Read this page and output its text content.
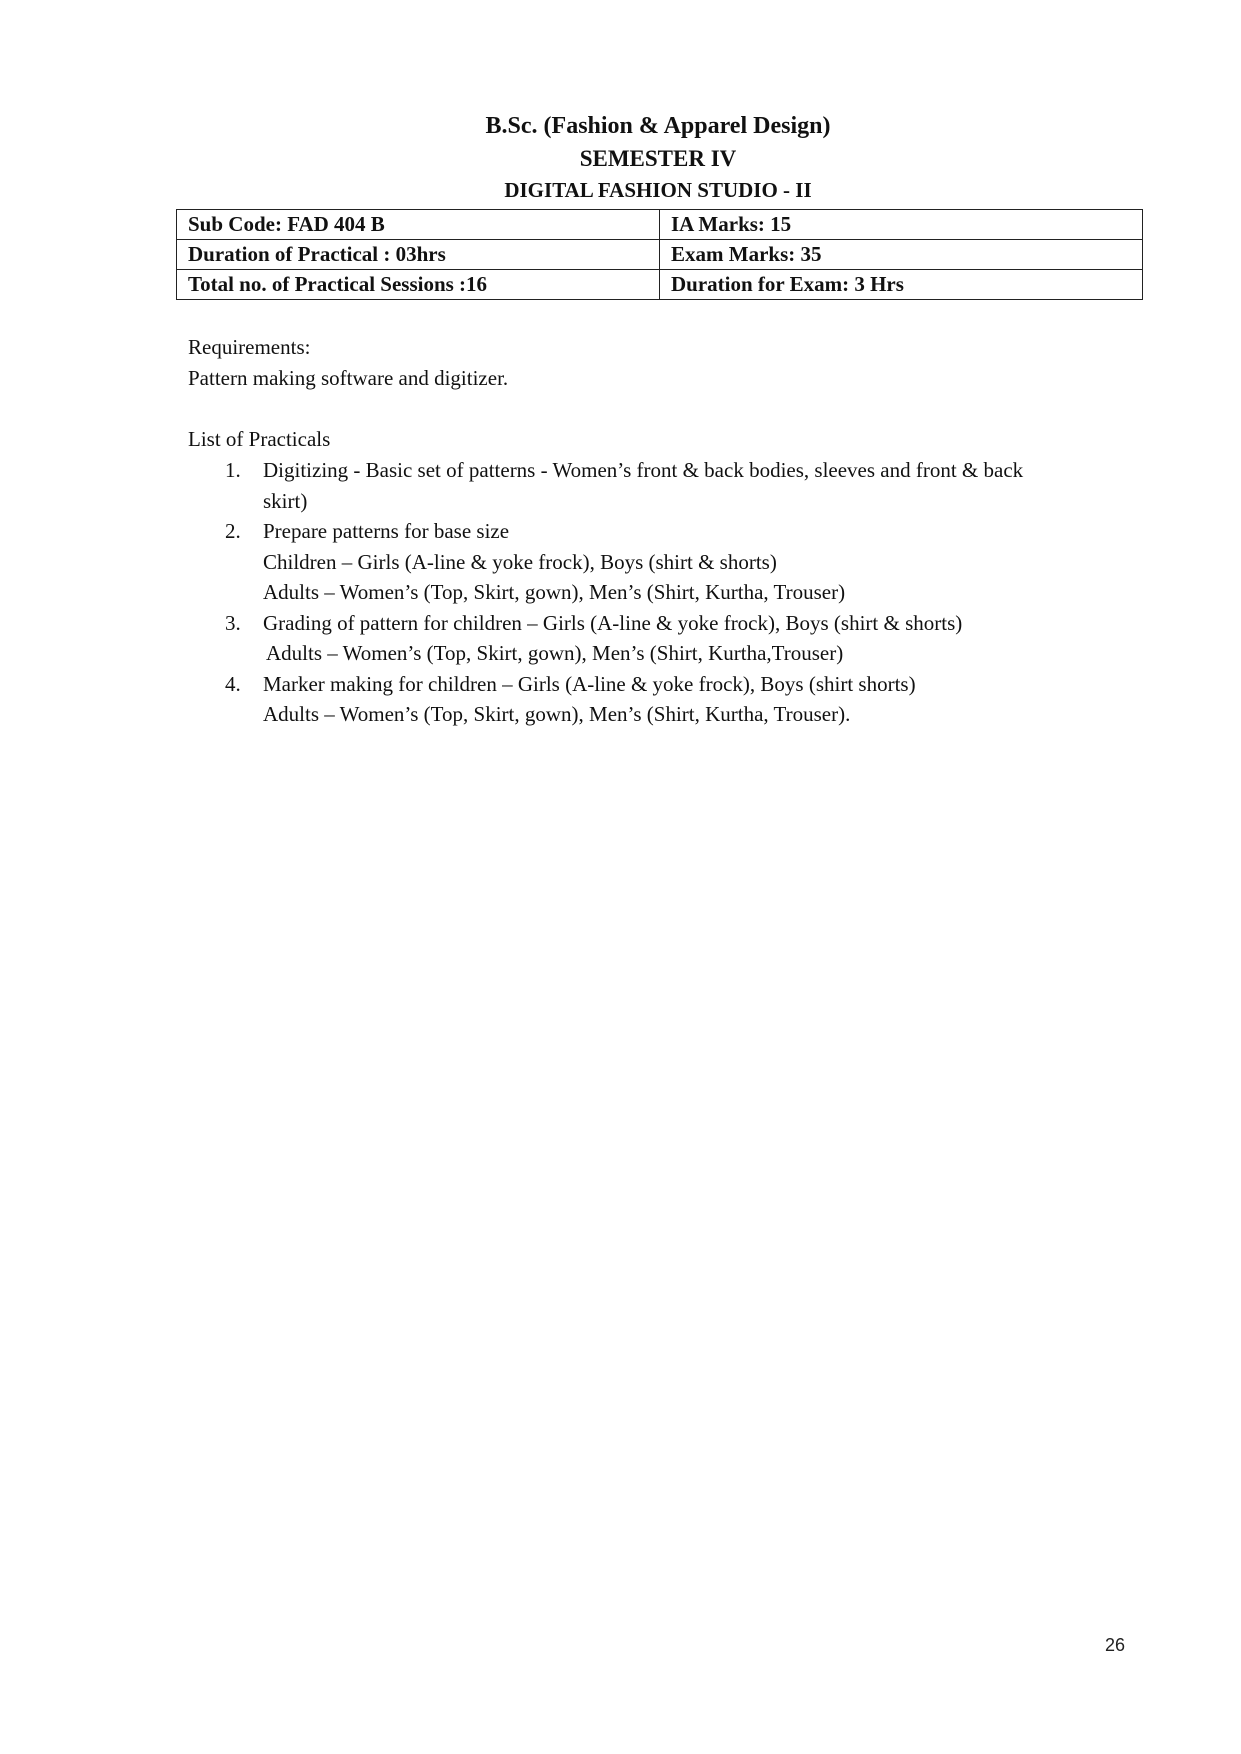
B.Sc. (Fashion & Apparel Design)
SEMESTER IV
DIGITAL FASHION STUDIO - II
Sub Code: FAD 404 B	IA Marks: 15
Duration of Practical : 03hrs	Exam Marks: 35
Total no. of Practical Sessions :16	Duration for Exam: 3 Hrs
Requirements:
Pattern making software and digitizer.
List of Practicals
1. Digitizing - Basic set of patterns - Women’s front & back bodies, sleeves and front & back
skirt)
2. Prepare patterns for base size
Children – Girls (A-line & yoke frock), Boys (shirt & shorts)
Adults – Women’s (Top, Skirt, gown), Men’s (Shirt, Kurtha, Trouser)
3. Grading of pattern for children – Girls (A-line & yoke frock), Boys (shirt & shorts)
Adults – Women’s (Top, Skirt, gown), Men’s (Shirt, Kurtha,Trouser)
4. Marker making for children – Girls (A-line & yoke frock), Boys (shirt shorts)
Adults – Women’s (Top, Skirt, gown), Men’s (Shirt, Kurtha, Trouser).
26
